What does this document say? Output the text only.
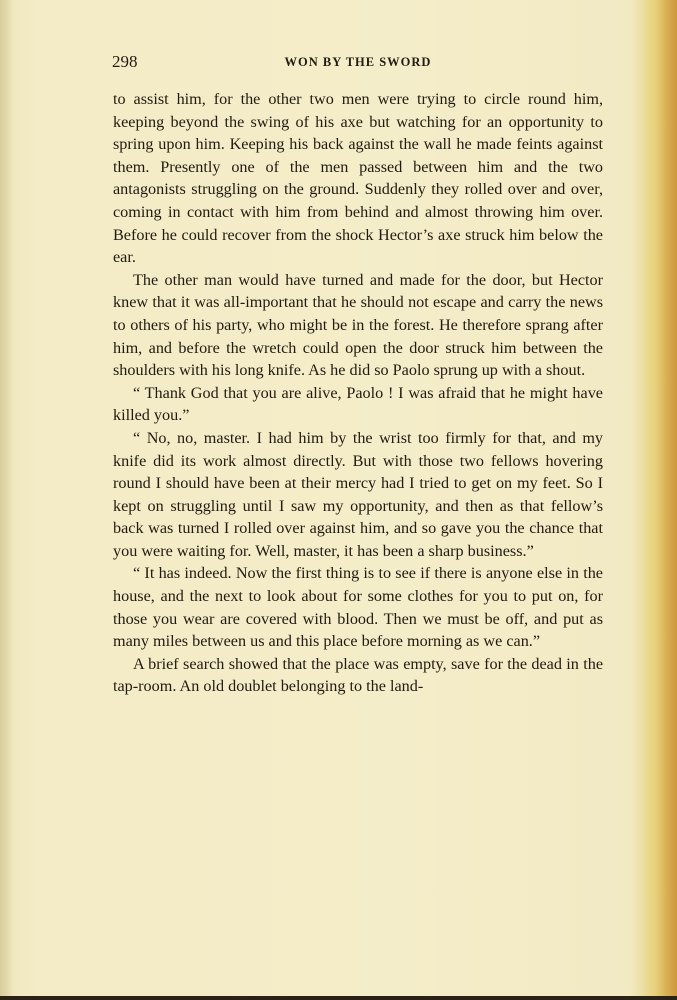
298	WON BY THE SWORD

to assist him, for the other two men were trying to circle round him, keeping beyond the swing of his axe but watching for an opportunity to spring upon him. Keeping his back against the wall he made feints against them. Presently one of the men passed between him and the two antagonists struggling on the ground. Suddenly they rolled over and over, coming in contact with him from behind and almost throwing him over. Before he could recover from the shock Hector’s axe struck him below the ear.

The other man would have turned and made for the door, but Hector knew that it was all-important that he should not escape and carry the news to others of his party, who might be in the forest. He therefore sprang after him, and before the wretch could open the door struck him between the shoulders with his long knife. As he did so Paolo sprung up with a shout.

“ Thank God that you are alive, Paolo ! I was afraid that he might have killed you.”

“ No, no, master. I had him by the wrist too firmly for that, and my knife did its work almost directly. But with those two fellows hovering round I should have been at their mercy had I tried to get on my feet. So I kept on struggling until I saw my opportunity, and then as that fellow’s back was turned I rolled over against him, and so gave you the chance that you were waiting for. Well, master, it has been a sharp business.”

“ It has indeed. Now the first thing is to see if there is anyone else in the house, and the next to look about for some clothes for you to put on, for those you wear are covered with blood. Then we must be off, and put as many miles between us and this place before morning as we can.”

A brief search showed that the place was empty, save for the dead in the tap-room. An old doublet belonging to the land-
